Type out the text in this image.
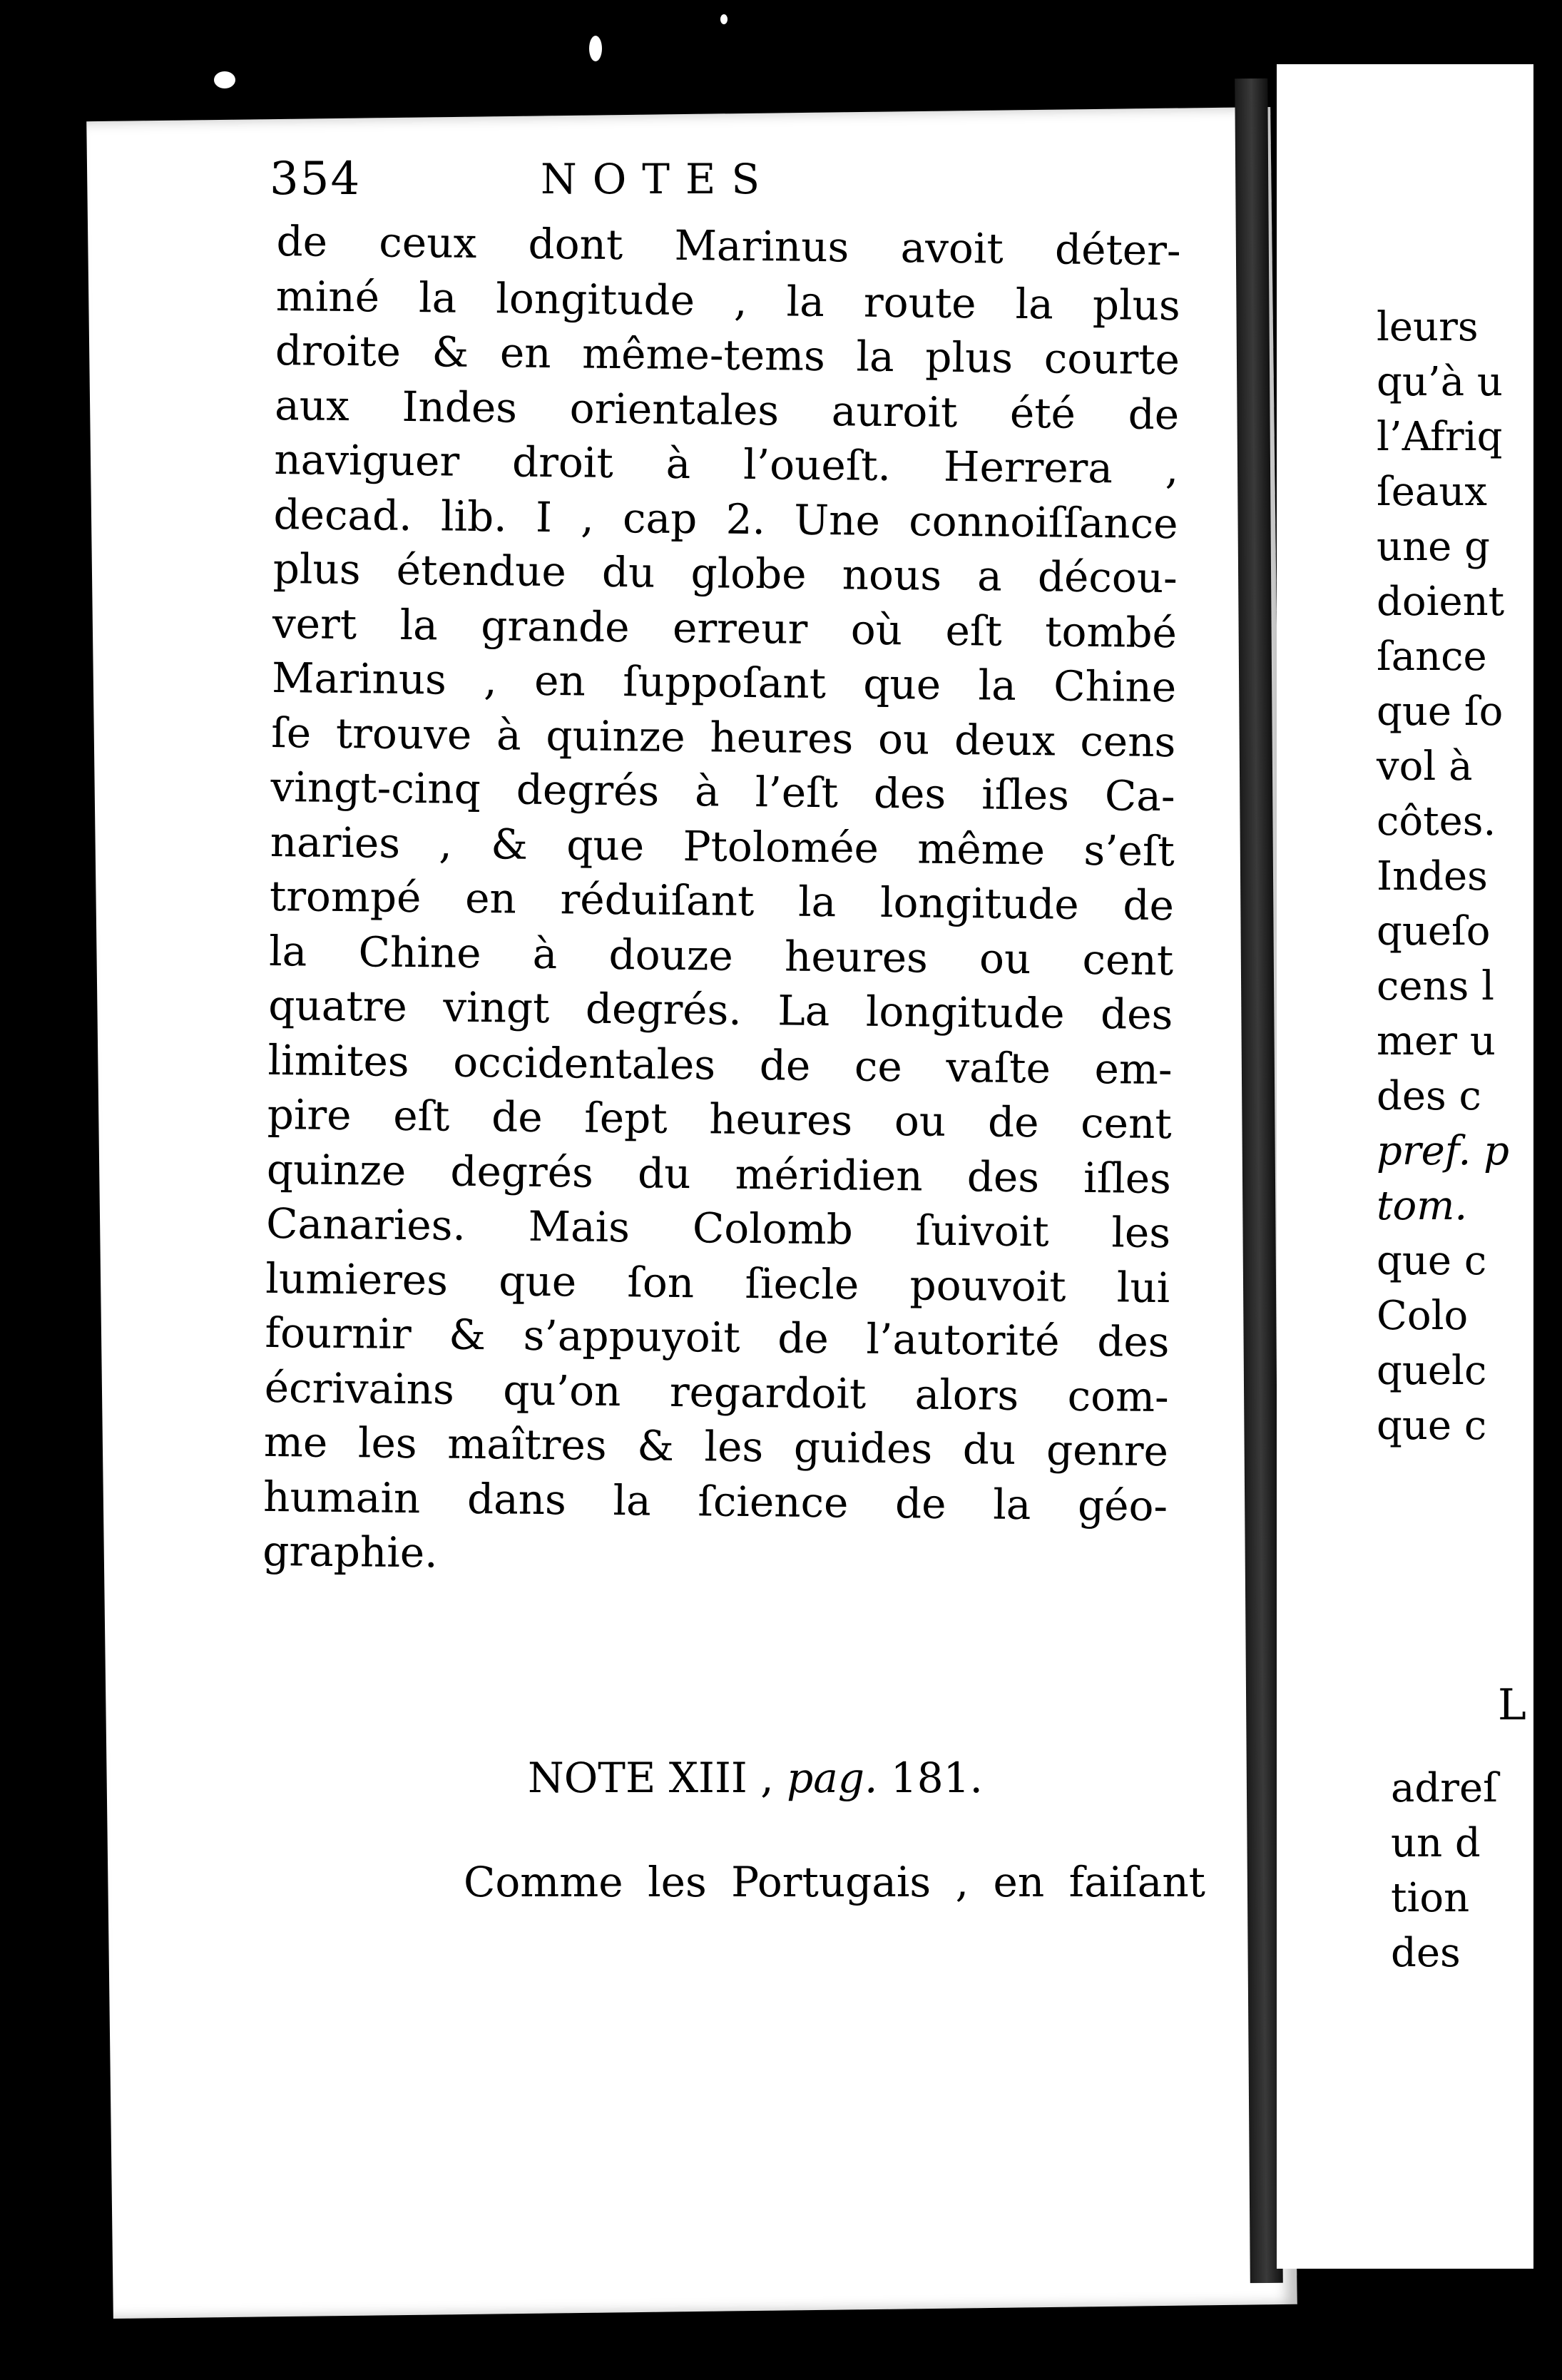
354	NOTES
de ceux dont Marinus avoit déter-
miné la longitude , la route la plus
droite & en même-tems la plus courte
aux Indes orientales auroit été de
naviguer droit à l’oueſt. Herrera ,
decad. lib. I , cap 2. Une connoiſſance
plus étendue du globe nous a décou-
vert la grande erreur où eſt tombé
Marinus , en ſuppoſant que la Chine
ſe trouve à quinze heures ou deux cens
vingt-cinq degrés à l’eſt des iſles Ca-
naries , & que Ptolomée même s’eſt
trompé en réduiſant la longitude de
la Chine à douze heures ou cent
quatre vingt degrés. La longitude des
limites occidentales de ce vaſte em-
pire eſt de ſept heures ou de cent
quinze degrés du méridien des iſles
Canaries. Mais Colomb ſuivoit les
lumieres que ſon ſiecle pouvoit lui
fournir & s’appuyoit de l’autorité des
écrivains qu’on regardoit alors com-
me les maîtres & les guides du genre
humain dans la ſcience de la géo-
graphie.
NOTE XIII , pag. 181.
Comme les Portugais , en faiſant
leurs
qu’à u
l’Afriq
ſeaux
une g
doient
ſance
que ſo
vol à
côtes.
Indes
queſo
cens l
mer u
des c
pref. p
tom.
que c
Colo
quelc
que c
adreſ
un d
tion
des
L
